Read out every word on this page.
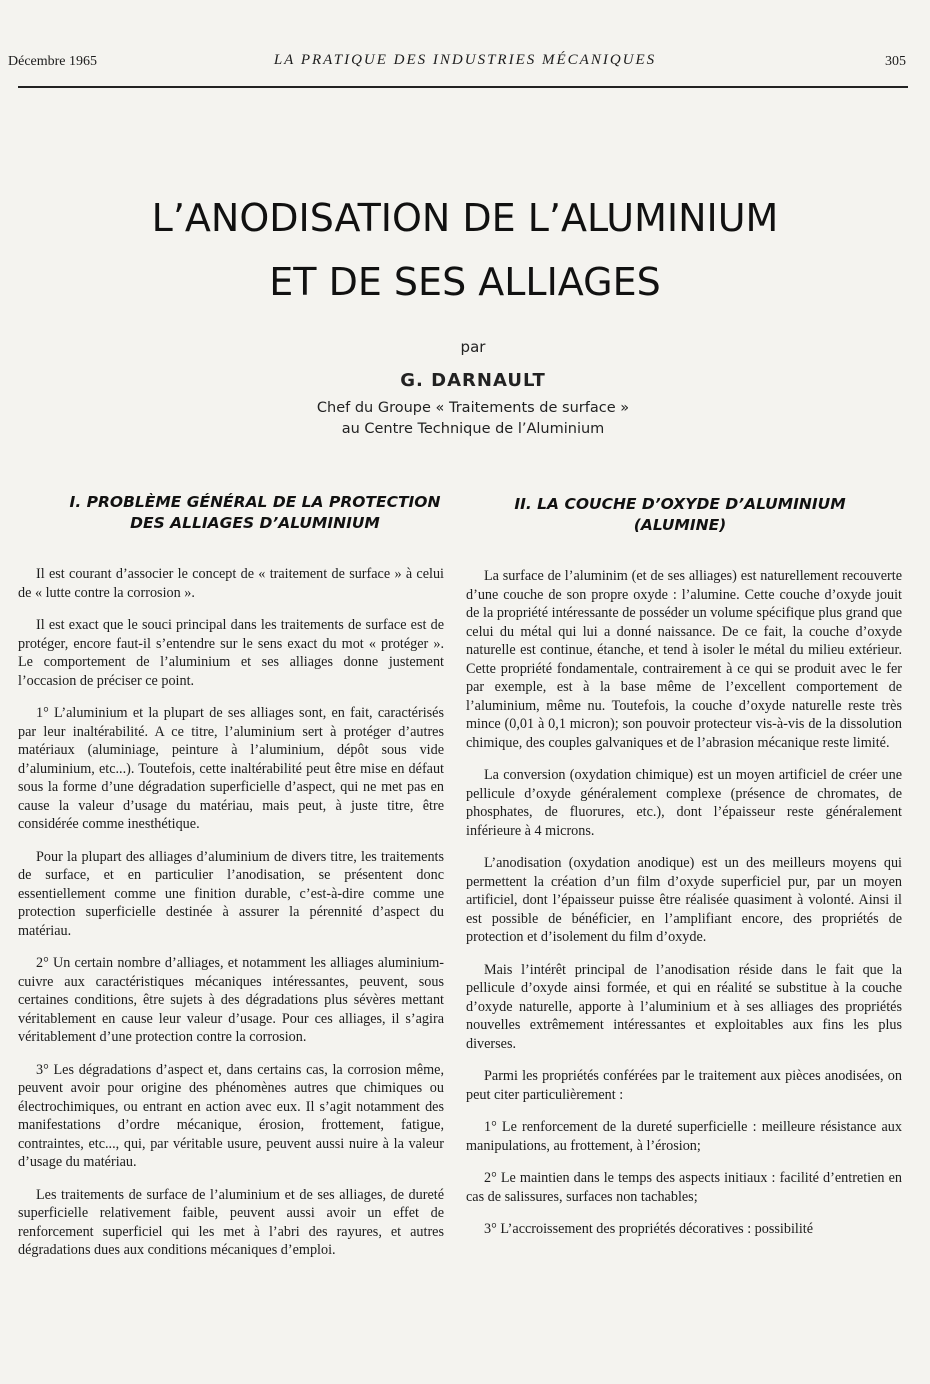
Décembre 1965	LA PRATIQUE DES INDUSTRIES MÉCANIQUES	305
L’ANODISATION DE L’ALUMINIUM
ET DE SES ALLIAGES
par
G. DARNAULT
Chef du Groupe « Traitements de surface »
au Centre Technique de l’Aluminium
I. PROBLÈME GÉNÉRAL DE LA PROTECTION
DES ALLIAGES D’ALUMINIUM
II. LA COUCHE D’OXYDE D’ALUMINIUM
(ALUMINE)

Il est courant d’associer le concept de « traitement de surface » à celui de « lutte contre la corrosion ».

Il est exact que le souci principal dans les traitements de surface est de protéger, encore faut-il s’entendre sur le sens exact du mot « protéger ». Le comportement de l’aluminium et ses alliages donne justement l’occasion de préciser ce point.

1° L’aluminium et la plupart de ses alliages sont, en fait, caractérisés par leur inaltérabilité. A ce titre, l’aluminium sert à protéger d’autres matériaux (aluminiage, peinture à l’aluminium, dépôt sous vide d’aluminium, etc...). Toutefois, cette inaltérabilité peut être mise en défaut sous la forme d’une dégradation superficielle d’aspect, qui ne met pas en cause la valeur d’usage du matériau, mais peut, à juste titre, être considérée comme inesthétique.

Pour la plupart des alliages d’aluminium de divers titre, les traitements de surface, et en particulier l’anodisation, se présentent donc essentiellement comme une finition durable, c’est-à-dire comme une protection superficielle destinée à assurer la pérennité d’aspect du matériau.

2° Un certain nombre d’alliages, et notamment les alliages aluminium-cuivre aux caractéristiques mécaniques intéressantes, peuvent, sous certaines conditions, être sujets à des dégradations plus sévères mettant véritablement en cause leur valeur d’usage. Pour ces alliages, il s’agira véritablement d’une protection contre la corrosion.

3° Les dégradations d’aspect et, dans certains cas, la corrosion même, peuvent avoir pour origine des phénomènes autres que chimiques ou électrochimiques, ou entrant en action avec eux. Il s’agit notamment des manifestations d’ordre mécanique, érosion, frottement, fatigue, contraintes, etc..., qui, par véritable usure, peuvent aussi nuire à la valeur d’usage du matériau.

Les traitements de surface de l’aluminium et de ses alliages, de dureté superficielle relativement faible, peuvent aussi avoir un effet de renforcement superficiel qui les met à l’abri des rayures, et autres dégradations dues aux conditions mécaniques d’emploi.

La surface de l’aluminim (et de ses alliages) est naturellement recouverte d’une couche de son propre oxyde : l’alumine. Cette couche d’oxyde jouit de la propriété intéressante de posséder un volume spécifique plus grand que celui du métal qui lui a donné naissance. De ce fait, la couche d’oxyde naturelle est continue, étanche, et tend à isoler le métal du milieu extérieur. Cette propriété fondamentale, contrairement à ce qui se produit avec le fer par exemple, est à la base même de l’excellent comportement de l’aluminium, même nu. Toutefois, la couche d’oxyde naturelle reste très mince (0,01 à 0,1 micron); son pouvoir protecteur vis-à-vis de la dissolution chimique, des couples galvaniques et de l’abrasion mécanique reste limité.

La conversion (oxydation chimique) est un moyen artificiel de créer une pellicule d’oxyde généralement complexe (présence de chromates, de phosphates, de fluorures, etc.), dont l’épaisseur reste généralement inférieure à 4 microns.

L’anodisation (oxydation anodique) est un des meilleurs moyens qui permettent la création d’un film d’oxyde superficiel pur, par un moyen artificiel, dont l’épaisseur puisse être réalisée quasiment à volonté. Ainsi il est possible de bénéficier, en l’amplifiant encore, des propriétés de protection et d’isolement du film d’oxyde.

Mais l’intérêt principal de l’anodisation réside dans le fait que la pellicule d’oxyde ainsi formée, et qui en réalité se substitue à la couche d’oxyde naturelle, apporte à l’aluminium et à ses alliages des propriétés nouvelles extrêmement intéressantes et exploitables aux fins les plus diverses.

Parmi les propriétés conférées par le traitement aux pièces anodisées, on peut citer particulièrement :

1° Le renforcement de la dureté superficielle : meilleure résistance aux manipulations, au frottement, à l’érosion;

2° Le maintien dans le temps des aspects initiaux : facilité d’entretien en cas de salissures, surfaces non tachables;

3° L’accroissement des propriétés décoratives : possibilité
